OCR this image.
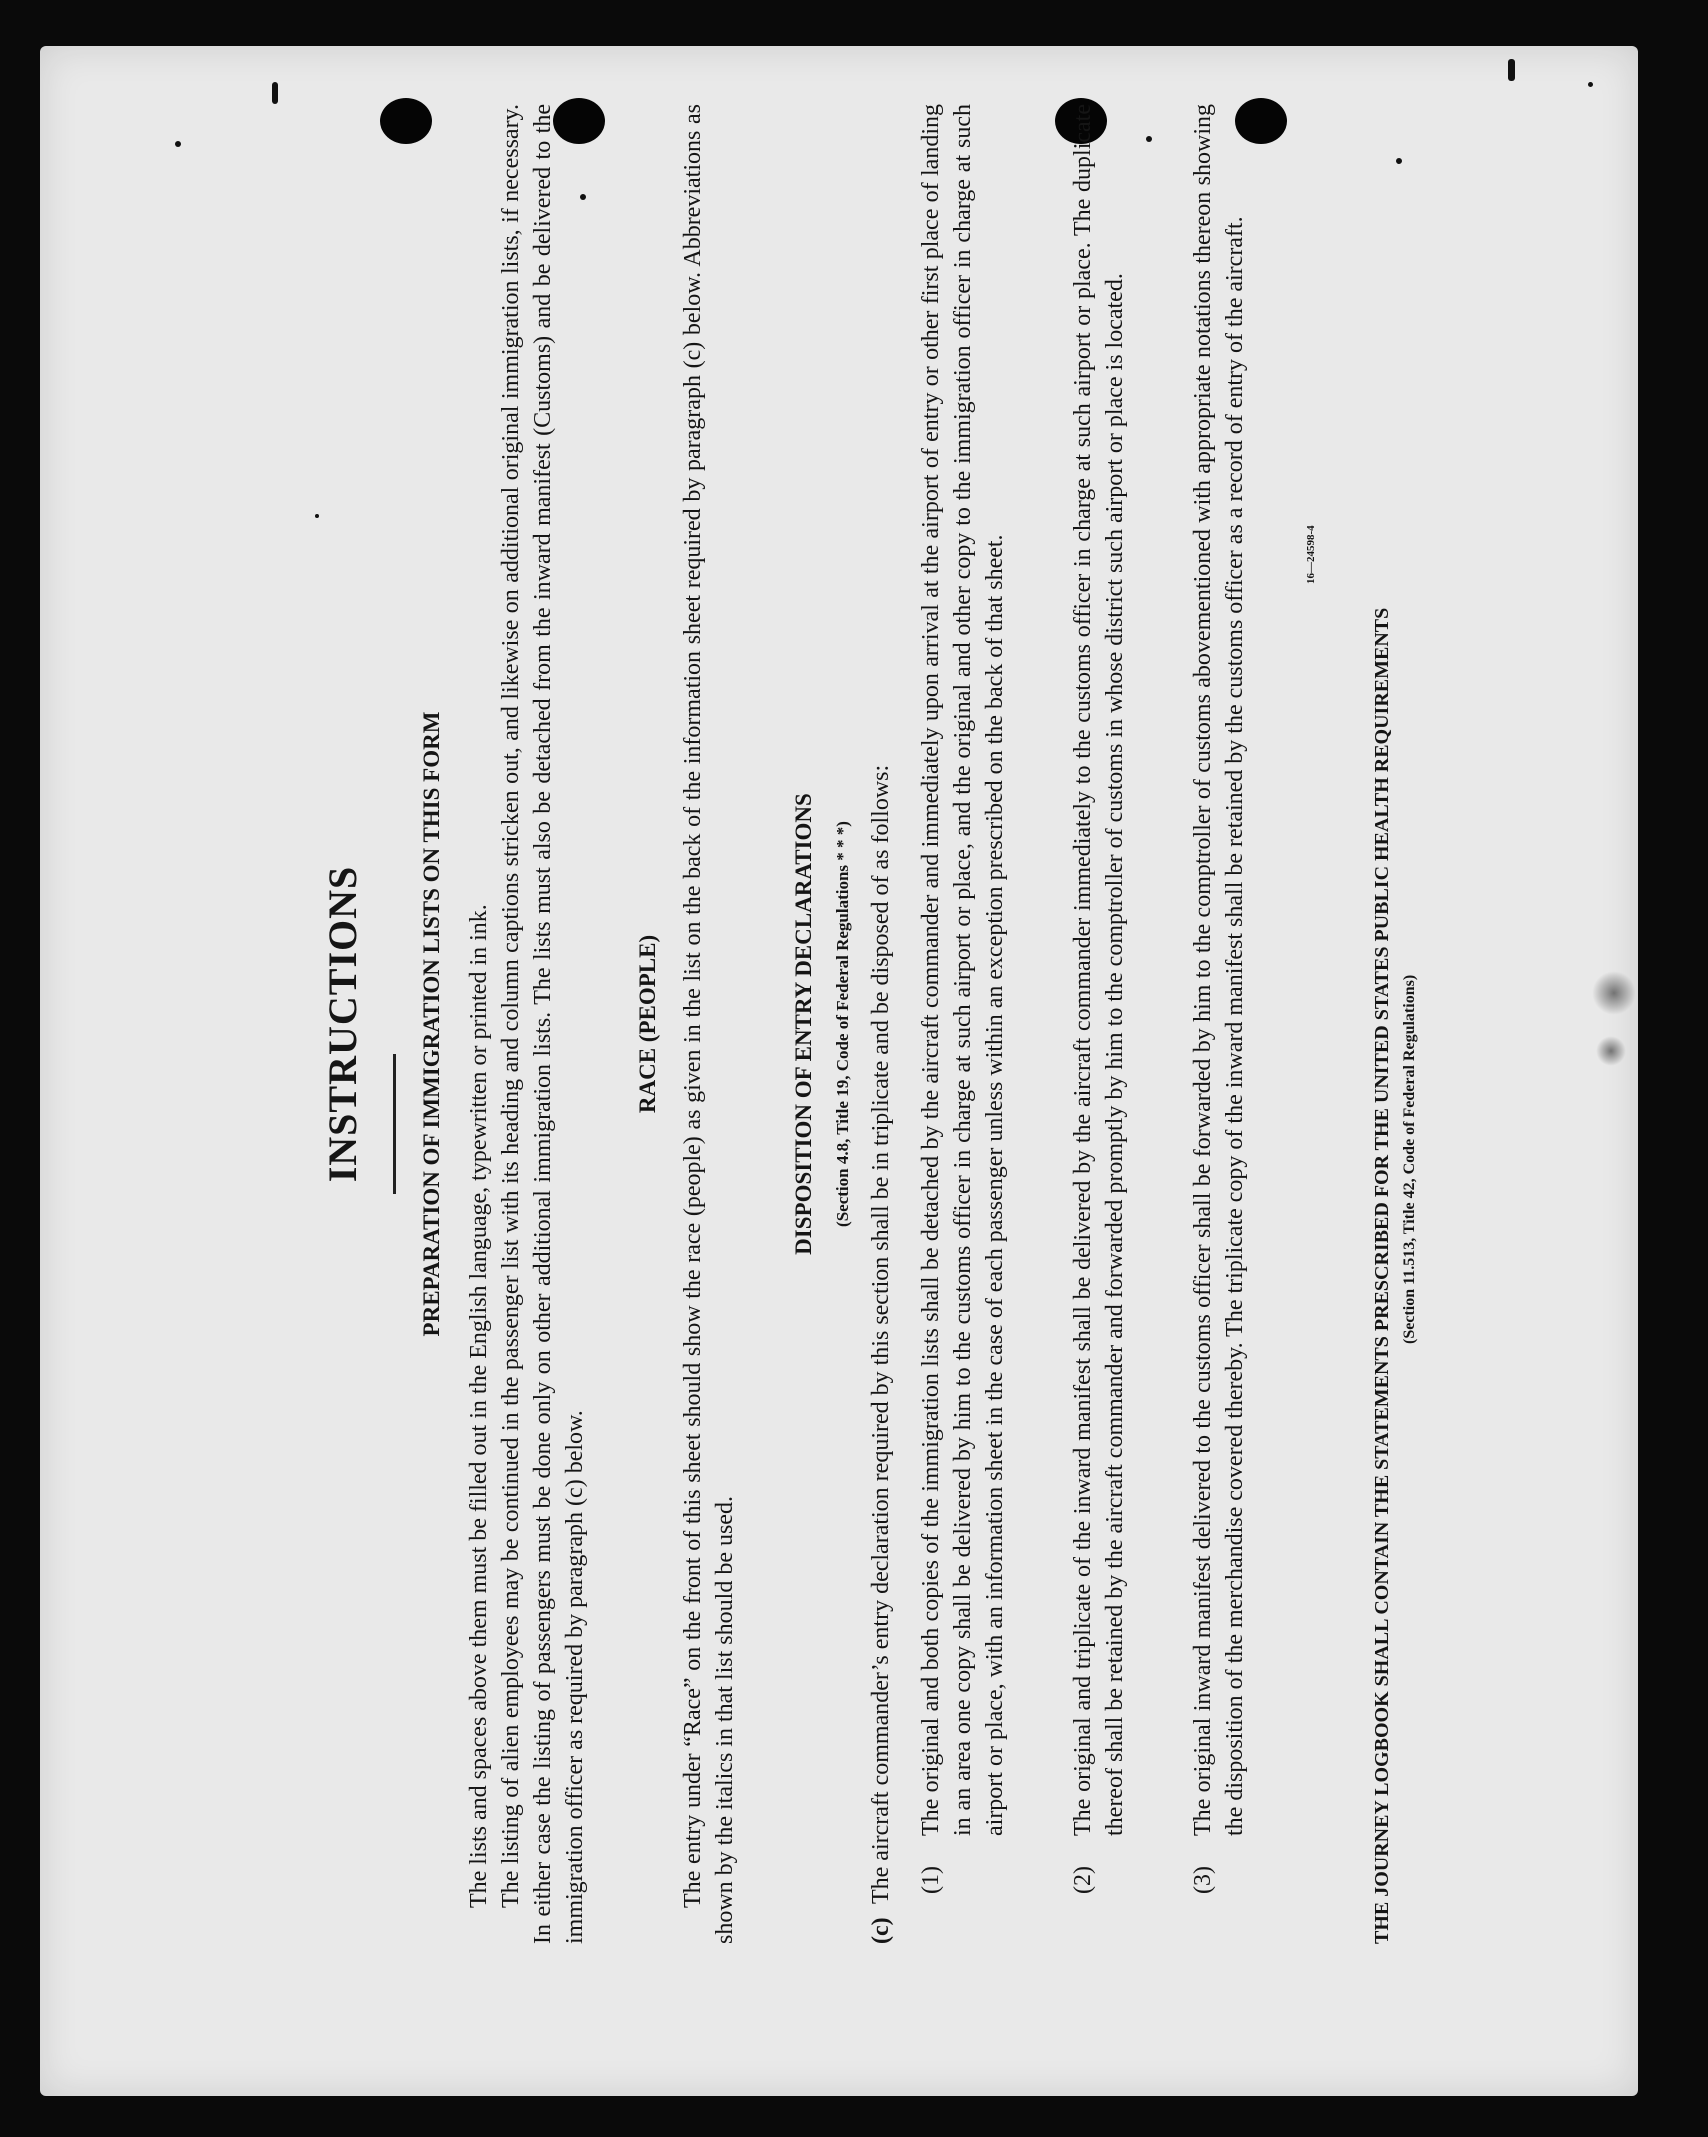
INSTRUCTIONS PREPARATION OF IMMIGRATION LISTS ON THIS FORM The lists and spaces above them must be filled out in the English language, typewritten or printed in ink. The listing of alien employees may be continued in the passenger list with its heading and column captions stricken out, and likewise on additional original immigration lists, if necessary. In either case the listing of passengers must be done only on other additional immigration lists. The lists must also be detached from the inward manifest (Customs) and be delivered to the immigration officer as required by paragraph (c) below.

RACE (PEOPLE) The entry under “Race” on the front of this sheet should show the race (people) as given in the list on the back of the information sheet required by paragraph (c) below. Abbreviations as shown by the italics in that list should be used.

DISPOSITION OF ENTRY DECLARATIONS (Section 4.8, Title 19, Code of Federal Regulations * * *)
(c)
The aircraft commander’s entry declaration required by this section shall be in triplicate and be disposed of as follows: (1)
The original and both copies of the immigration lists shall be detached by the aircraft commander and immediately upon arrival at the airport of entry or other first place of landing in an area one copy shall be delivered by him to the customs officer in charge at such airport or place, and the original and other copy to the immigration officer in charge at such airport or place, with an information sheet in the case of each passenger unless within an exception prescribed on the back of that sheet.
(2)
The original and triplicate of the inward manifest shall be delivered by the aircraft commander immediately to the customs officer in charge at such airport or place. The duplicate thereof shall be retained by the aircraft commander and forwarded promptly by him to the comptroller of customs in whose district such airport or place is located.
(3)
The original inward manifest delivered to the customs officer shall be forwarded by him to the comptroller of customs abovementioned with appropriate notations thereon showing the disposition of the merchandise covered thereby. The triplicate copy of the inward manifest shall be retained by the customs officer as a record of entry of the aircraft.	16—24598-4
THE JOURNEY LOGBOOK SHALL CONTAIN THE STATEMENTS PRESCRIBED FOR THE UNITED STATES PUBLIC HEALTH REQUIREMENTS (Section 11.513, Title 42, Code of Federal Regulations)
